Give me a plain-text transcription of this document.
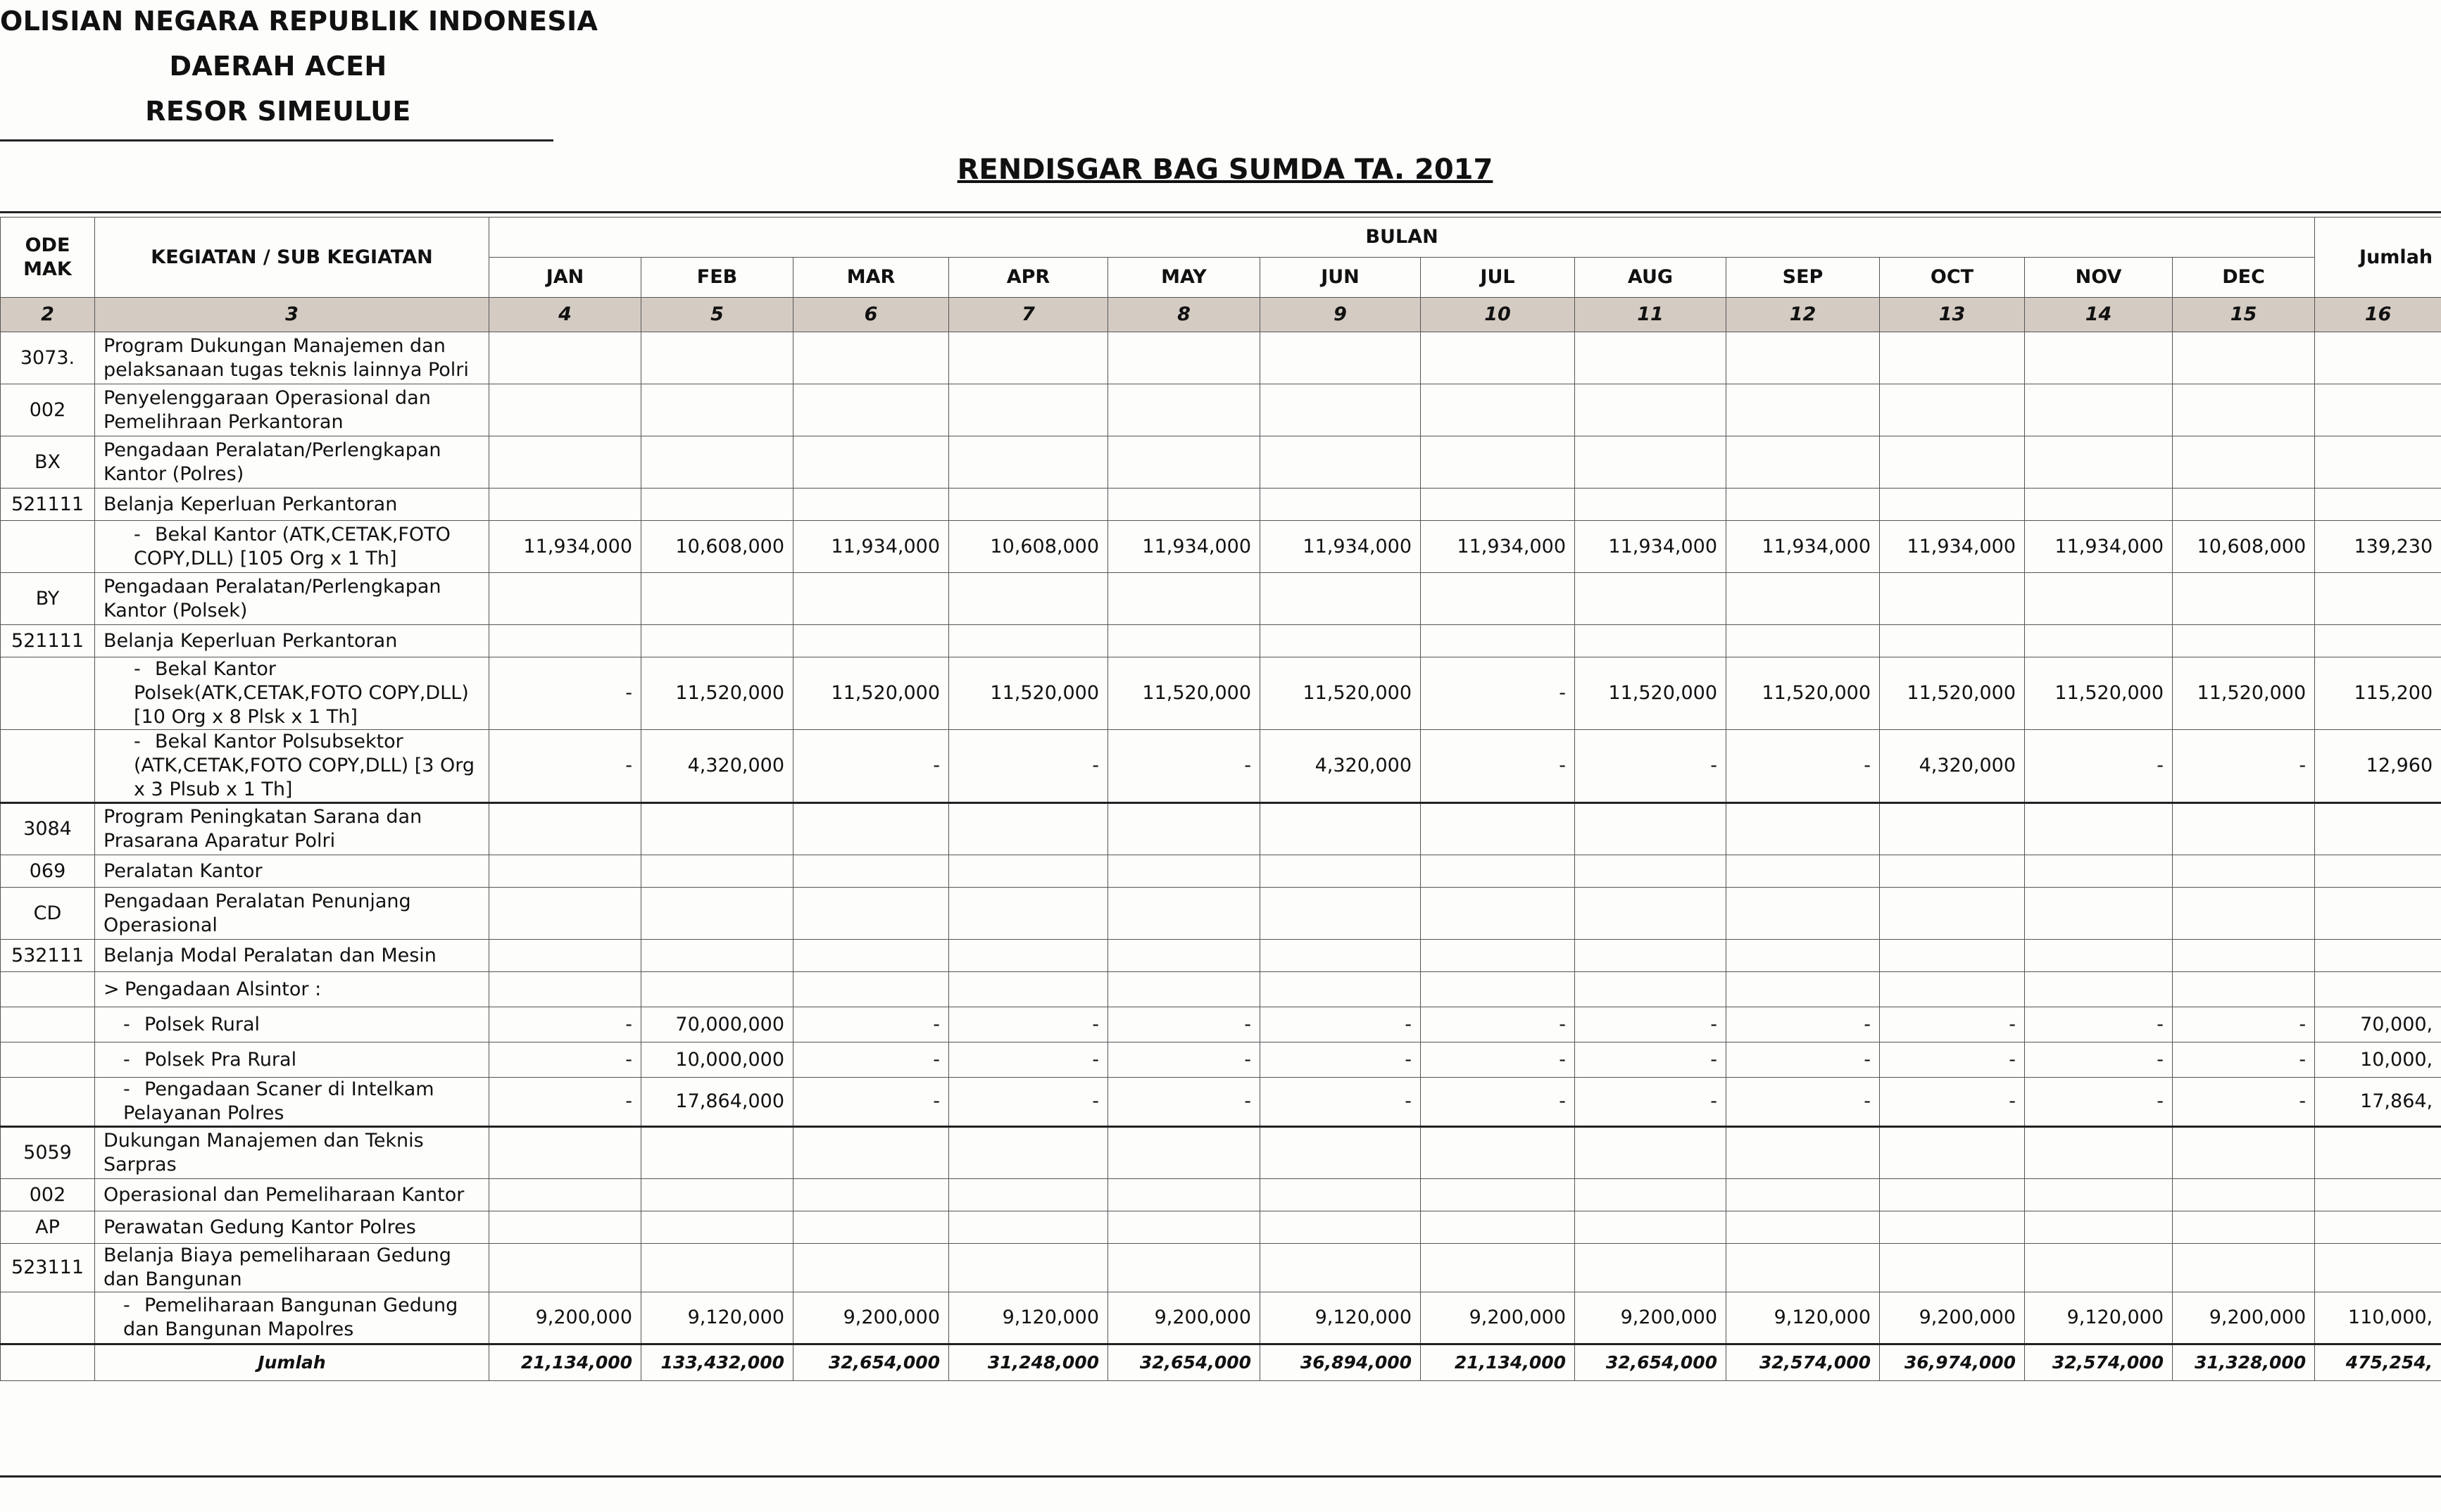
OLISIAN NEGARA REPUBLIK INDONESIA
DAERAH ACEH
RESOR SIMEULUE
RENDISGAR BAG SUMDA TA. 2017
ODE MAK	KEGIATAN / SUB KEGIATAN	BULAN												Jumlah
		JAN	FEB	MAR	APR	MAY	JUN	JUL	AUG	SEP	OCT	NOV	DEC	
2	3	4	5	6	7	8	9	10	11	12	13	14	15	16
3073.	Program Dukungan Manajemen dan pelaksanaan tugas teknis lainnya Polri													
002	Penyelenggaraan Operasional dan Pemelihraan Perkantoran													
BX	Pengadaan Peralatan/Perlengkapan Kantor (Polres)													
521111	Belanja Keperluan Perkantoran													
	- Bekal Kantor (ATK,CETAK,FOTO COPY,DLL) [105 Org x 1 Th]	11,934,000	10,608,000	11,934,000	10,608,000	11,934,000	11,934,000	11,934,000	11,934,000	11,934,000	11,934,000	11,934,000	10,608,000	139,230
BY	Pengadaan Peralatan/Perlengkapan Kantor (Polsek)													
521111	Belanja Keperluan Perkantoran													
	- Bekal Kantor Polsek(ATK,CETAK,FOTO COPY,DLL) [10 Org x 8 Plsk x 1 Th]	-	11,520,000	11,520,000	11,520,000	11,520,000	11,520,000	-	11,520,000	11,520,000	11,520,000	11,520,000	11,520,000	115,200
	- Bekal Kantor Polsubsektor (ATK,CETAK,FOTO COPY,DLL) [3 Org x 3 Plsub x 1 Th]	-	4,320,000	-	-	-	4,320,000	-	-	-	4,320,000	-	-	12,960
3084	Program Peningkatan Sarana dan Prasarana Aparatur Polri													
069	Peralatan Kantor													
CD	Pengadaan Peralatan Penunjang Operasional													
532111	Belanja Modal Peralatan dan Mesin													
	> Pengadaan Alsintor :													
	- Polsek Rural	-	70,000,000	-	-	-	-	-	-	-	-	-	-	70,000,
	- Polsek Pra Rural	-	10,000,000	-	-	-	-	-	-	-	-	-	-	10,000,
	- Pengadaan Scaner di Intelkam Pelayanan Polres	-	17,864,000	-	-	-	-	-	-	-	-	-	-	17,864,
5059	Dukungan Manajemen dan Teknis Sarpras													
002	Operasional dan Pemeliharaan Kantor													
AP	Perawatan Gedung Kantor Polres													
523111	Belanja Biaya pemeliharaan Gedung dan Bangunan													
	- Pemeliharaan Bangunan Gedung dan Bangunan Mapolres	9,200,000	9,120,000	9,200,000	9,120,000	9,200,000	9,120,000	9,200,000	9,200,000	9,120,000	9,200,000	9,120,000	9,200,000	110,000,
	Jumlah	21,134,000	133,432,000	32,654,000	31,248,000	32,654,000	36,894,000	21,134,000	32,654,000	32,574,000	36,974,000	32,574,000	31,328,000	475,254,
